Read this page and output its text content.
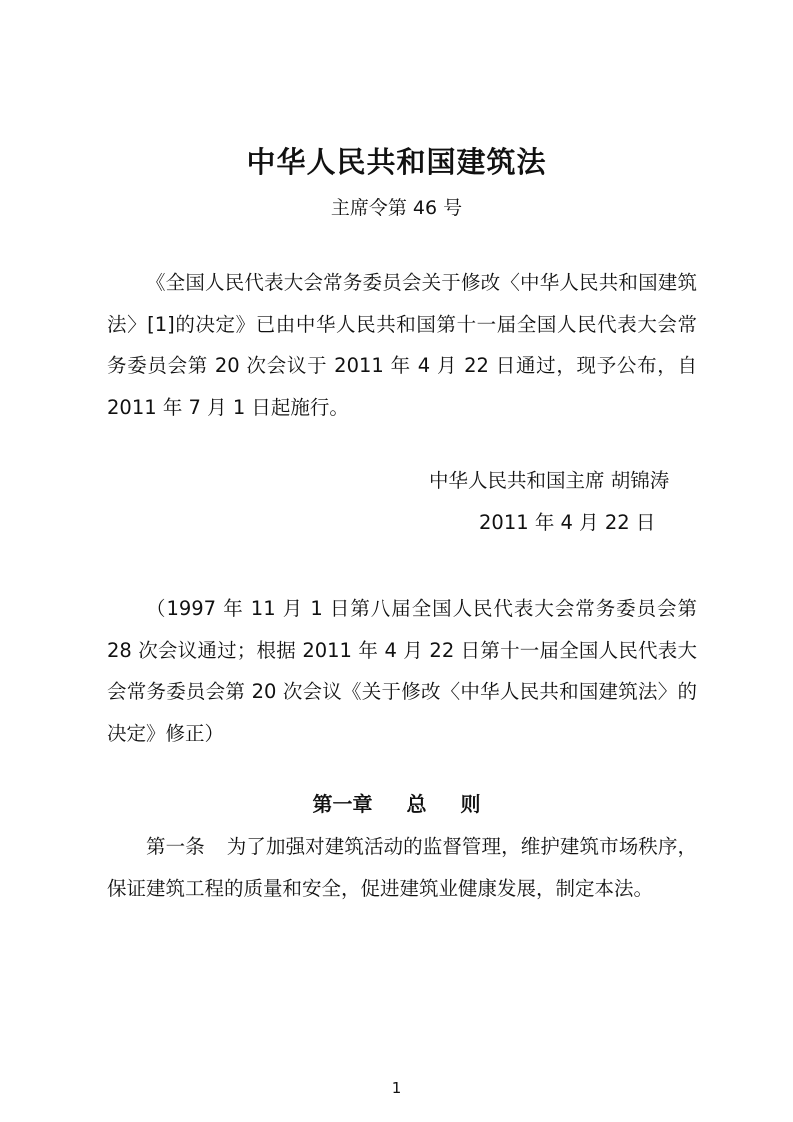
中华人民共和国建筑法
主席令第 46 号

《全国人民代表大会常务委员会关于修改〈中华人民共和国建筑法〉[1]的决定》已由中华人民共和国第十一届全国人民代表大会常务委员会第 20 次会议于 2011 年 4 月 22 日通过，现予公布，自 2011 年 7 月 1 日起施行。

中华人民共和国主席 胡锦涛
2011 年 4 月 22 日

（1997 年 11 月 1 日第八届全国人民代表大会常务委员会第 28 次会议通过；根据 2011 年 4 月 22 日第十一届全国人民代表大会常务委员会第 20 次会议《关于修改〈中华人民共和国建筑法〉的决定》修正）

第一章 总 则

第一条 为了加强对建筑活动的监督管理，维护建筑市场秩序，保证建筑工程的质量和安全，促进建筑业健康发展，制定本法。

1
